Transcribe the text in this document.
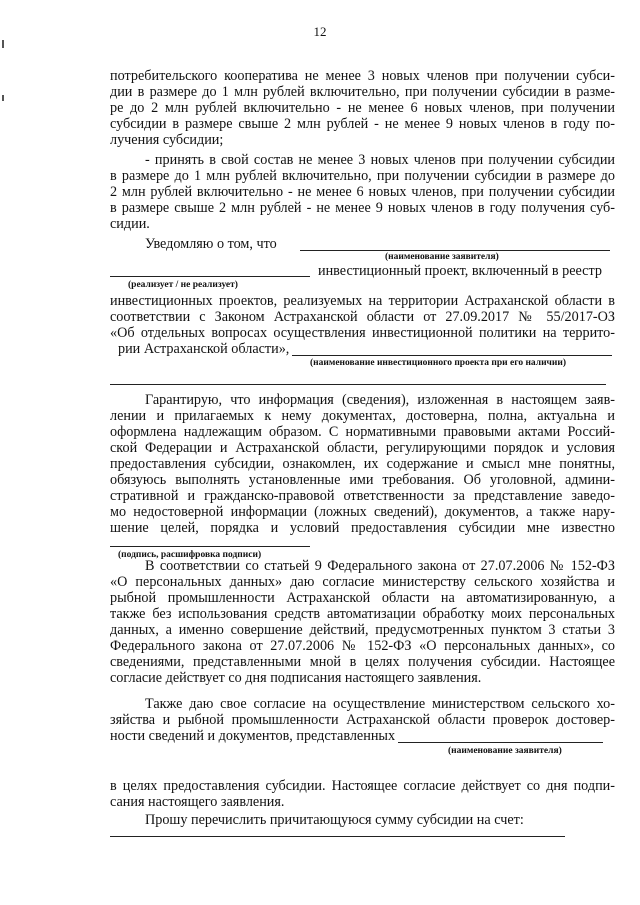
12
потребительского кооператива не менее 3 новых членов при получении субси-
дии в размере до 1 млн рублей включительно, при получении субсидии в разме-
ре до 2 млн рублей включительно - не менее 6 новых членов, при получении
субсидии в размере свыше 2 млн рублей - не менее 9 новых членов в году по-
лучения субсидии;
- принять в свой состав не менее 3 новых членов при получении субсидии
в размере до 1 млн рублей включительно, при получении субсидии в размере до
2 млн рублей включительно - не менее 6 новых членов, при получении субсидии
в размере свыше 2 млн рублей - не менее 9 новых членов в году получения суб-
сидии.
Уведомляю о том, что
(наименование заявителя)
инвестиционный проект, включенный в реестр
(реализует / не реализует)
инвестиционных проектов, реализуемых на территории Астраханской области в
соответствии с Законом Астраханской области от 27.09.2017 № 55/2017-ОЗ
«Об отдельных вопросах осуществления инвестиционной политики на террито-
рии Астраханской области»,
(наименование инвестиционного проекта при его наличии)
Гарантирую, что информация (сведения), изложенная в настоящем заяв-
лении и прилагаемых к нему документах, достоверна, полна, актуальна и
оформлена надлежащим образом. С нормативными правовыми актами Россий-
ской Федерации и Астраханской области, регулирующими порядок и условия
предоставления субсидии, ознакомлен, их содержание и смысл мне понятны,
обязуюсь выполнять установленные ими требования. Об уголовной, админи-
стративной и гражданско-правовой ответственности за представление заведо-
мо недостоверной информации (ложных сведений), документов, а также нару-
шение целей, порядка и условий предоставления субсидии мне известно
(подпись, расшифровка подписи)
В соответствии со статьей 9 Федерального закона от 27.07.2006 № 152-ФЗ
«О персональных данных» даю согласие министерству сельского хозяйства и
рыбной промышленности Астраханской области на автоматизированную, а
также без использования средств автоматизации обработку моих персональных
данных, а именно совершение действий, предусмотренных пунктом 3 статьи 3
Федерального закона от 27.07.2006 № 152-ФЗ «О персональных данных», со
сведениями, представленными мной в целях получения субсидии. Настоящее
согласие действует со дня подписания настоящего заявления.
Также даю свое согласие на осуществление министерством сельского хо-
зяйства и рыбной промышленности Астраханской области проверок достовер-
ности сведений и документов, представленных
(наименование заявителя)
в целях предоставления субсидии. Настоящее согласие действует со дня подпи-
сания настоящего заявления.
Прошу перечислить причитающуюся сумму субсидии на счет:
